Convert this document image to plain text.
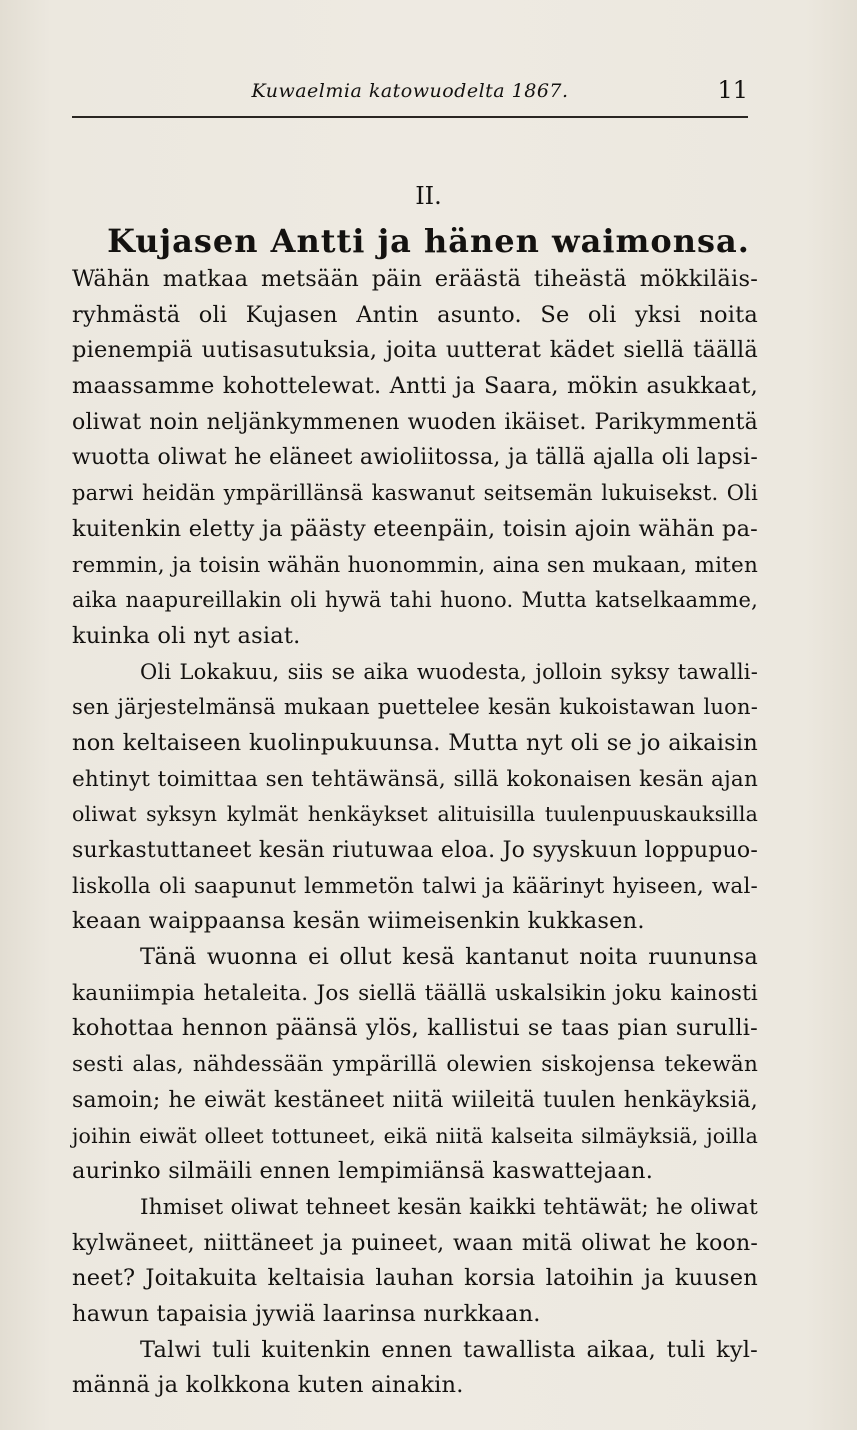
Kuwaelmia katowuodelta 1867.	11
II.
Kujasen Antti ja hänen waimonsa.
Wähän matkaa metsään päin eräästä tiheästä mökkiläis-
ryhmästä oli Kujasen Antin asunto. Se oli yksi noita
pienempiä uutisasutuksia, joita uutterat kädet siellä täällä
maassamme kohottelewat. Antti ja Saara, mökin asukkaat,
oliwat noin neljänkymmenen wuoden ikäiset. Parikymmentä
wuotta oliwat he eläneet awioliitossa, ja tällä ajalla oli lapsi-
parwi heidän ympärillänsä kaswanut seitsemän lukuisekst. Oli
kuitenkin eletty ja päästy eteenpäin, toisin ajoin wähän pa-
remmin, ja toisin wähän huonommin, aina sen mukaan, miten
aika naapureillakin oli hywä tahi huono. Mutta katselkaamme,
kuinka oli nyt asiat.
Oli Lokakuu, siis se aika wuodesta, jolloin syksy tawalli-
sen järjestelmänsä mukaan puettelee kesän kukoistawan luon-
non keltaiseen kuolinpukuunsa. Mutta nyt oli se jo aikaisin
ehtinyt toimittaa sen tehtäwänsä, sillä kokonaisen kesän ajan
oliwat syksyn kylmät henkäykset alituisilla tuulenpuuskauksilla
surkastuttaneet kesän riutuwaa eloa. Jo syyskuun loppupuo-
liskolla oli saapunut lemmetön talwi ja käärinyt hyiseen, wal-
keaan waippaansa kesän wiimeisenkin kukkasen.
Tänä wuonna ei ollut kesä kantanut noita ruununsa
kauniimpia hetaleita. Jos siellä täällä uskalsikin joku kainosti
kohottaa hennon päänsä ylös, kallistui se taas pian surulli-
sesti alas, nähdessään ympärillä olewien siskojensa tekewän
samoin; he eiwät kestäneet niitä wiileitä tuulen henkäyksiä,
joihin eiwät olleet tottuneet, eikä niitä kalseita silmäyksiä, joilla
aurinko silmäili ennen lempimiänsä kaswattejaan.
Ihmiset oliwat tehneet kesän kaikki tehtäwät; he oliwat
kylwäneet, niittäneet ja puineet, waan mitä oliwat he koon-
neet? Joitakuita keltaisia lauhan korsia latoihin ja kuusen
hawun tapaisia jywiä laarinsa nurkkaan.
Talwi tuli kuitenkin ennen tawallista aikaa, tuli kyl-
männä ja kolkkona kuten ainakin.
